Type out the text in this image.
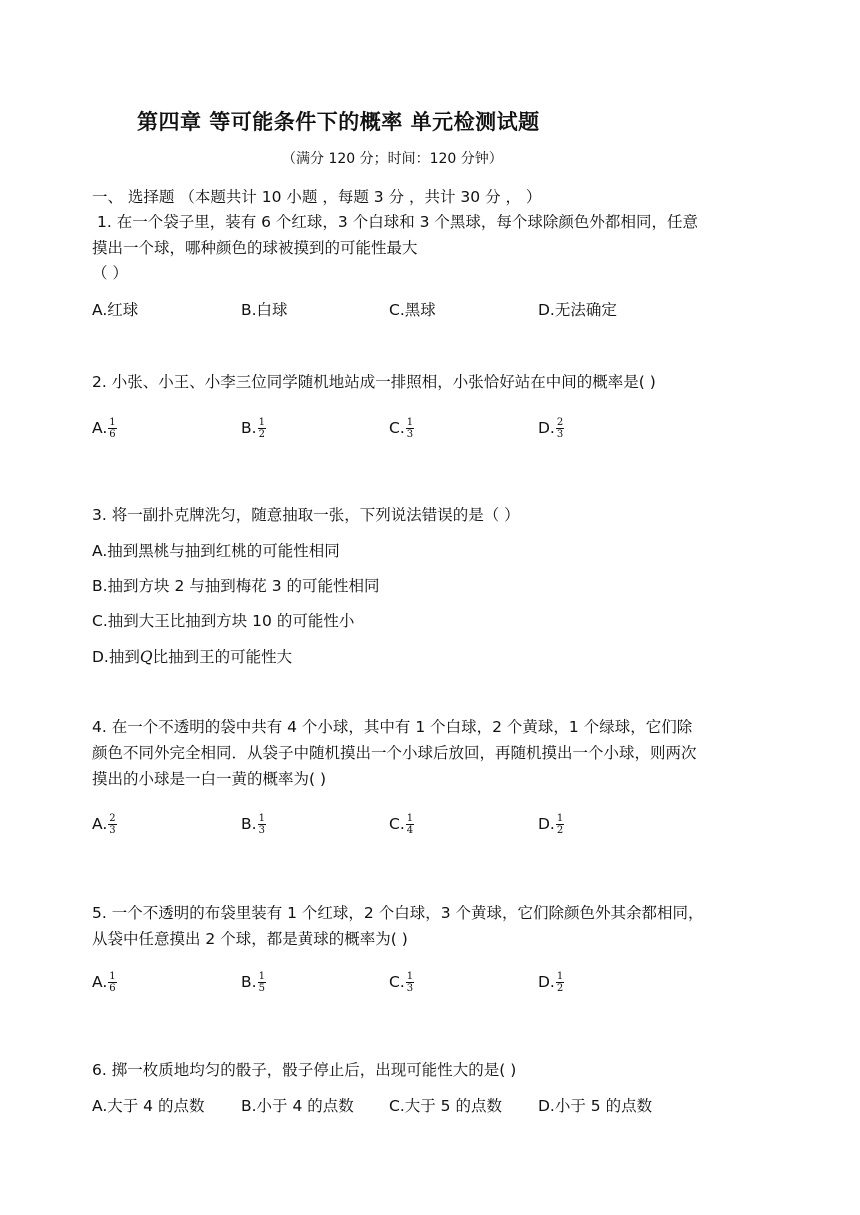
第四章 等可能条件下的概率 单元检测试题
（满分 120 分；时间：120 分钟）
一、 选择题 （本题共计 10 小题 ，每题 3 分 ，共计 30 分 ， ）
1. 在一个袋子里，装有 6 个红球，3 个白球和 3 个黑球，每个球除颜色外都相同，任意
摸出一个球，哪种颜色的球被摸到的可能性最大
（ ）
A.红球	B.白球	C.黑球	D.无法确定
2. 小张、小王、小李三位同学随机地站成一排照相，小张恰好站在中间的概率是( )
A. $\frac{1}{6}$	B. $\frac{1}{2}$	C. $\frac{1}{3}$	D. $\frac{2}{3}$
3. 将一副扑克牌洗匀，随意抽取一张，下列说法错误的是（ ）
A.抽到黑桃与抽到红桃的可能性相同
B.抽到方块 2 与抽到梅花 3 的可能性相同
C.抽到大王比抽到方块 10 的可能性小
D.抽到Q比抽到王的可能性大
4. 在一个不透明的袋中共有 4 个小球，其中有 1 个白球，2 个黄球，1 个绿球，它们除
颜色不同外完全相同．从袋子中随机摸出一个小球后放回，再随机摸出一个小球，则两次
摸出的小球是一白一黄的概率为( )
A. $\frac{2}{3}$	B. $\frac{1}{3}$	C. $\frac{1}{4}$	D. $\frac{1}{2}$
5. 一个不透明的布袋里装有 1 个红球，2 个白球，3 个黄球，它们除颜色外其余都相同，
从袋中任意摸出 2 个球，都是黄球的概率为( )
A. $\frac{1}{6}$	B. $\frac{1}{5}$	C. $\frac{1}{3}$	D. $\frac{1}{2}$
6. 掷一枚质地均匀的骰子，骰子停止后，出现可能性大的是( )
A.大于 4 的点数 B.小于 4 的点数 C.大于 5 的点数 D.小于 5 的点数
